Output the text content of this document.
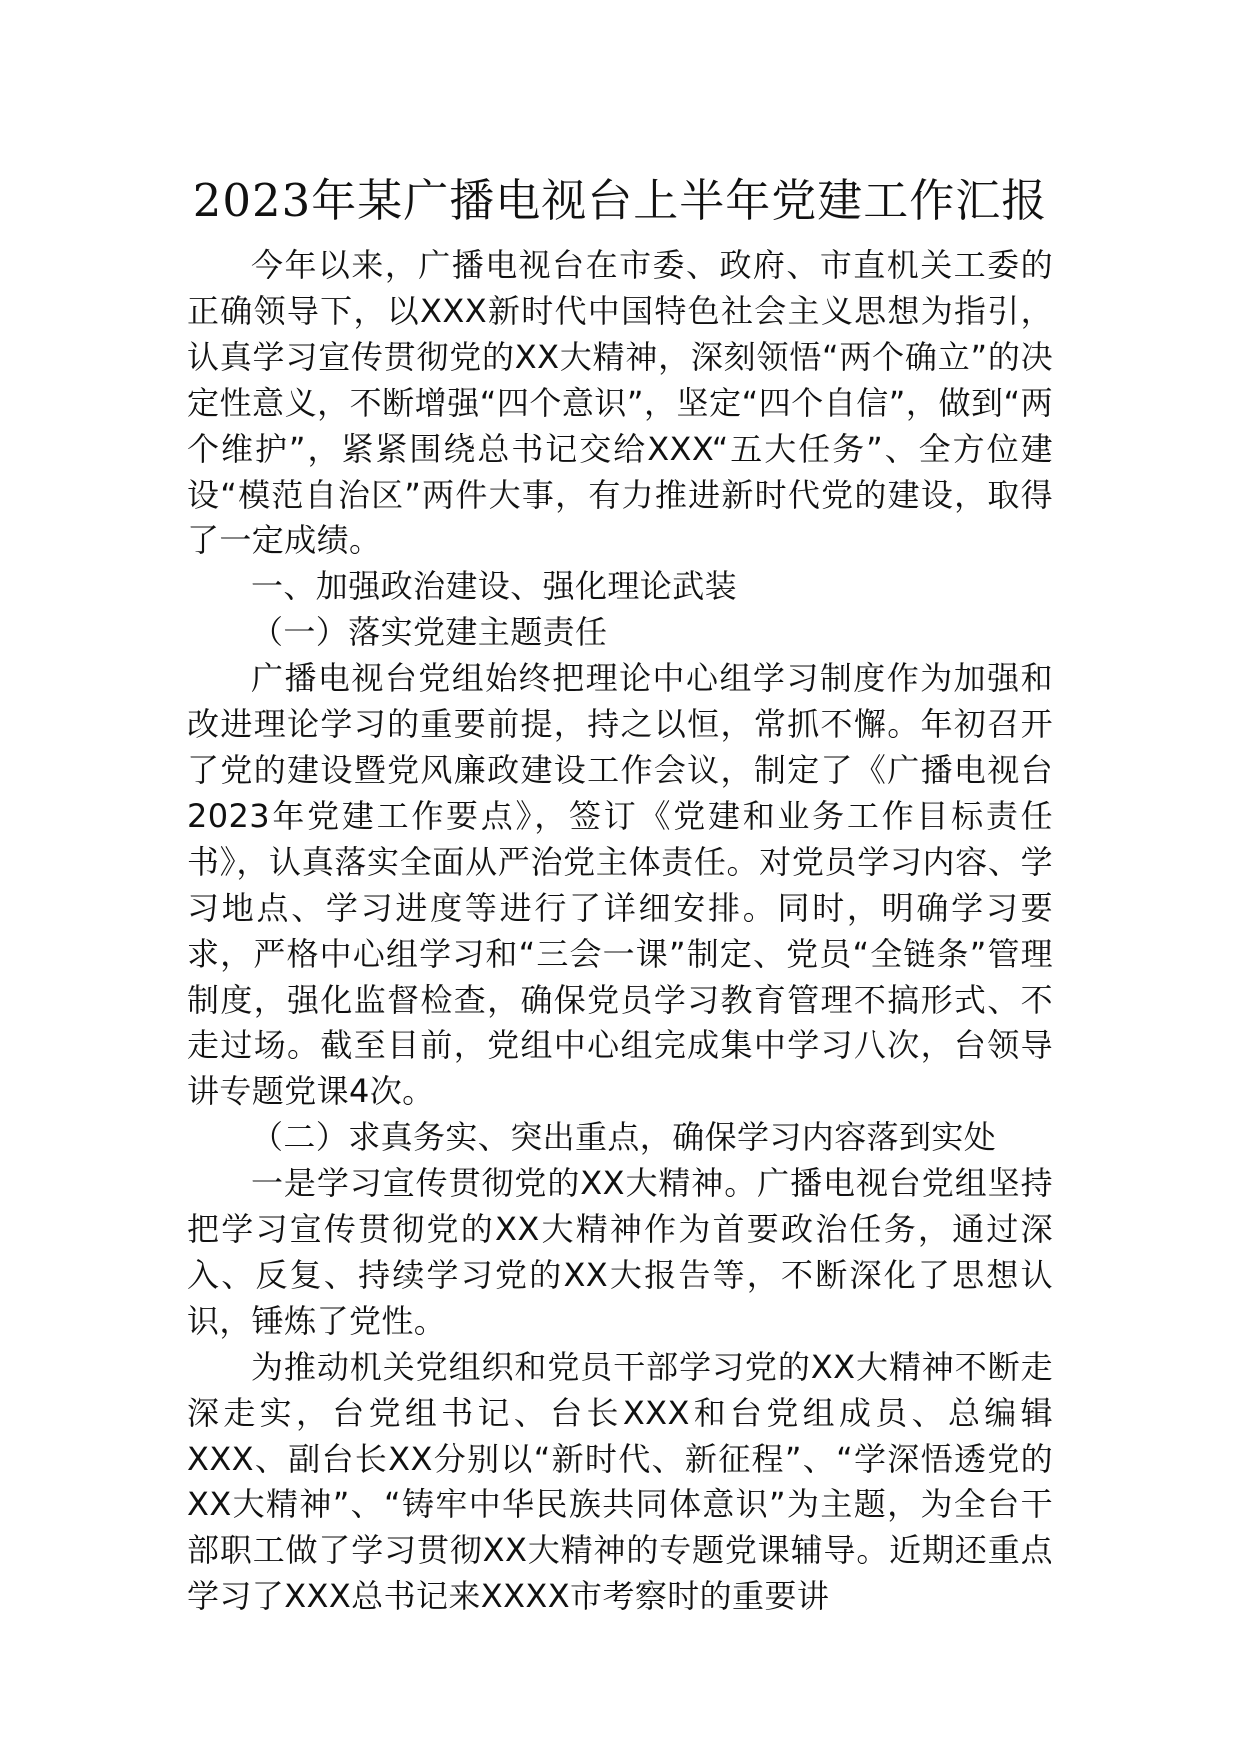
2023年某广播电视台上半年党建工作汇报

今年以来，广播电视台在市委、政府、市直机关工委的正确领导下，以XXX新时代中国特色社会主义思想为指引，认真学习宣传贯彻党的XX大精神，深刻领悟“两个确立”的决定性意义，不断增强“四个意识”，坚定“四个自信”，做到“两个维护”，紧紧围绕总书记交给XXX“五大任务”、全方位建设“模范自治区”两件大事，有力推进新时代党的建设，取得了一定成绩。

一、加强政治建设、强化理论武装

（一）落实党建主题责任

广播电视台党组始终把理论中心组学习制度作为加强和改进理论学习的重要前提，持之以恒，常抓不懈。年初召开了党的建设暨党风廉政建设工作会议，制定了《广播电视台2023年党建工作要点》，签订《党建和业务工作目标责任书》，认真落实全面从严治党主体责任。对党员学习内容、学习地点、学习进度等进行了详细安排。同时，明确学习要求，严格中心组学习和“三会一课”制定、党员“全链条”管理制度，强化监督检查，确保党员学习教育管理不搞形式、不走过场。截至目前，党组中心组完成集中学习八次，台领导讲专题党课4次。

（二）求真务实、突出重点，确保学习内容落到实处

一是学习宣传贯彻党的XX大精神。广播电视台党组坚持把学习宣传贯彻党的XX大精神作为首要政治任务，通过深入、反复、持续学习党的XX大报告等，不断深化了思想认识，锤炼了党性。

为推动机关党组织和党员干部学习党的XX大精神不断走深走实，台党组书记、台长XXX和台党组成员、总编辑XXX、副台长XX分别以“新时代、新征程”、“学深悟透党的XX大精神”、“铸牢中华民族共同体意识”为主题，为全台干部职工做了学习贯彻XX大精神的专题党课辅导。近期还重点学习了XXX总书记来XXXX市考察时的重要讲
